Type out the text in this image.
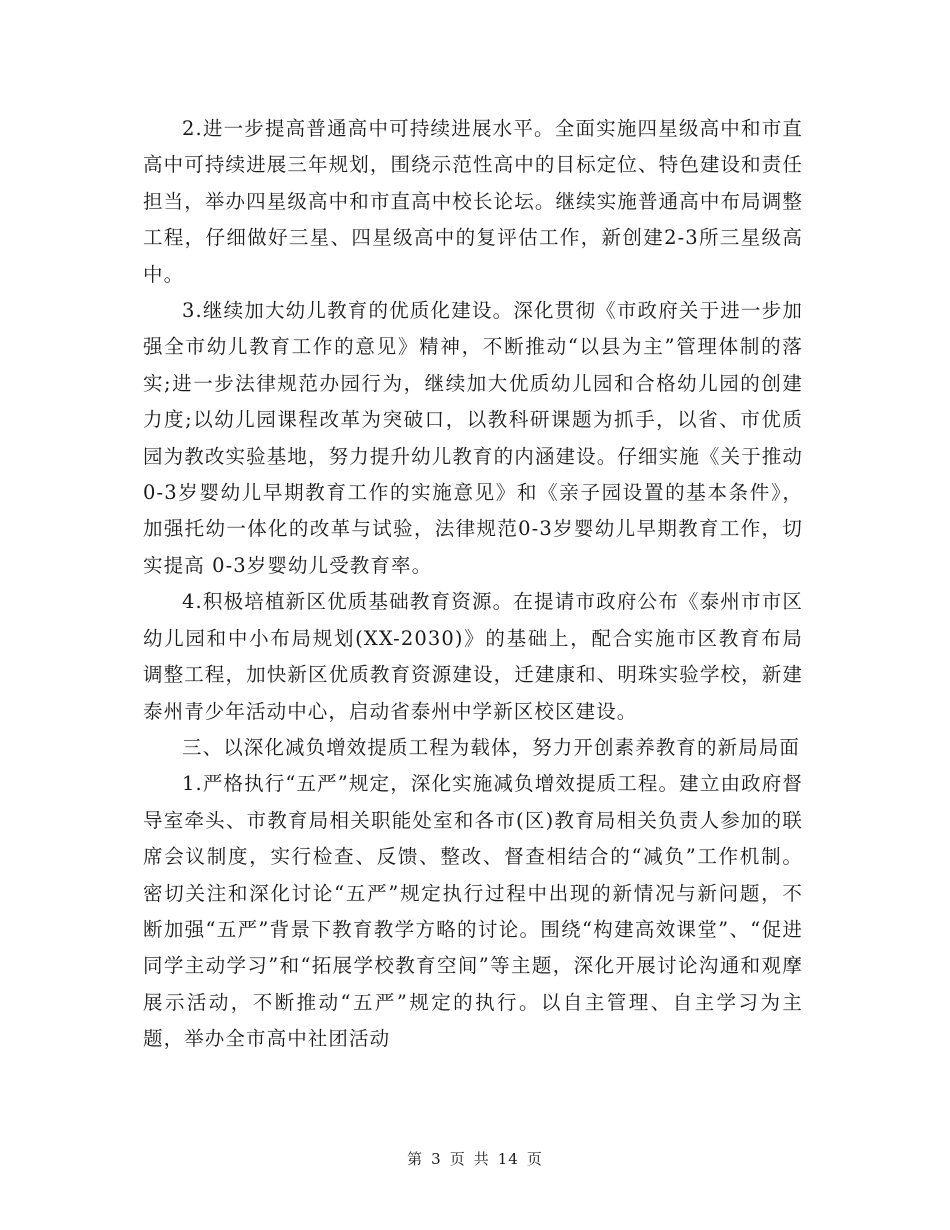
2.进一步提高普通高中可持续进展水平。全面实施四星级高中和市直高中可持续进展三年规划，围绕示范性高中的目标定位、特色建设和责任担当，举办四星级高中和市直高中校长论坛。继续实施普通高中布局调整工程，仔细做好三星、四星级高中的复评估工作，新创建2-3所三星级高中。

3.继续加大幼儿教育的优质化建设。深化贯彻《市政府关于进一步加强全市幼儿教育工作的意见》精神，不断推动“以县为主”管理体制的落实;进一步法律规范办园行为，继续加大优质幼儿园和合格幼儿园的创建力度;以幼儿园课程改革为突破口，以教科研课题为抓手，以省、市优质园为教改实验基地，努力提升幼儿教育的内涵建设。仔细实施《关于推动0-3岁婴幼儿早期教育工作的实施意见》和《亲子园设置的基本条件》，加强托幼一体化的改革与试验，法律规范0-3岁婴幼儿早期教育工作，切实提高 0-3岁婴幼儿受教育率。

4.积极培植新区优质基础教育资源。在提请市政府公布《泰州市市区幼儿园和中小布局规划(XX-2030)》的基础上，配合实施市区教育布局调整工程，加快新区优质教育资源建设，迁建康和、明珠实验学校，新建泰州青少年活动中心，启动省泰州中学新区校区建设。

三、以深化减负增效提质工程为载体，努力开创素养教育的新局局面

1.严格执行“五严”规定，深化实施减负增效提质工程。建立由政府督导室牵头、市教育局相关职能处室和各市(区)教育局相关负责人参加的联席会议制度，实行检查、反馈、整改、督查相结合的“减负”工作机制。密切关注和深化讨论“五严”规定执行过程中出现的新情况与新问题，不断加强“五严”背景下教育教学方略的讨论。围绕“构建高效课堂”、“促进同学主动学习”和“拓展学校教育空间”等主题，深化开展讨论沟通和观摩展示活动，不断推动“五严”规定的执行。以自主管理、自主学习为主题，举办全市高中社团活动

第 3 页 共 14 页
